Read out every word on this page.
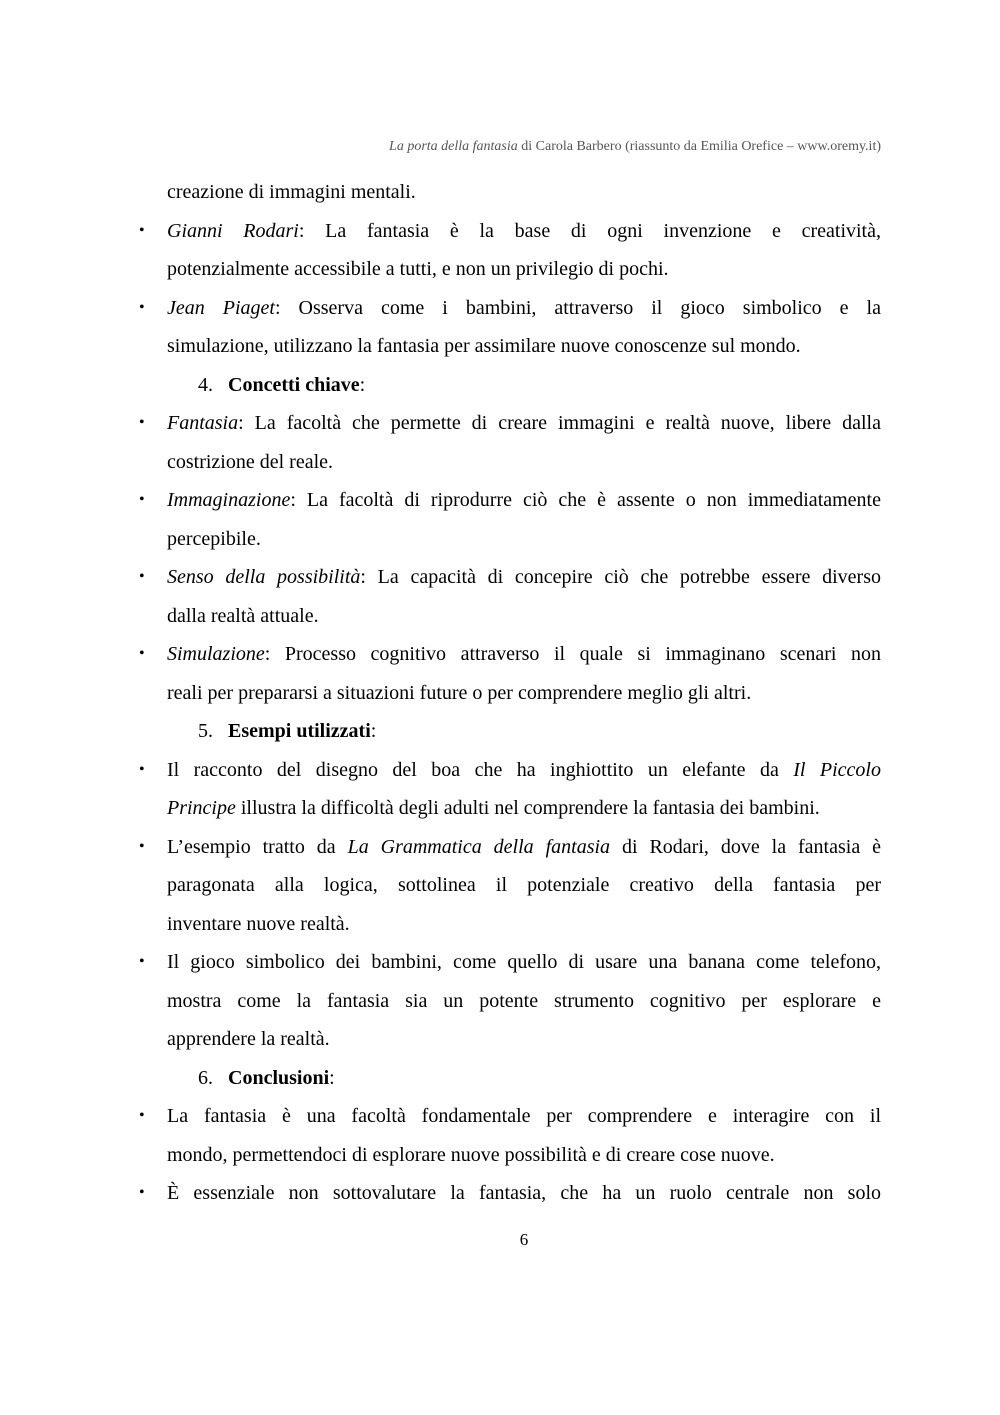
La porta della fantasia di Carola Barbero (riassunto da Emilia Orefice – www.oremy.it)
creazione di immagini mentali.
• Gianni Rodari: La fantasia è la base di ogni invenzione e creatività,
potenzialmente accessibile a tutti, e non un privilegio di pochi.
• Jean Piaget: Osserva come i bambini, attraverso il gioco simbolico e la
simulazione, utilizzano la fantasia per assimilare nuove conoscenze sul mondo.
4. Concetti chiave:
• Fantasia: La facoltà che permette di creare immagini e realtà nuove, libere dalla
costrizione del reale.
• Immaginazione: La facoltà di riprodurre ciò che è assente o non immediatamente
percepibile.
• Senso della possibilità: La capacità di concepire ciò che potrebbe essere diverso
dalla realtà attuale.
• Simulazione: Processo cognitivo attraverso il quale si immaginano scenari non
reali per prepararsi a situazioni future o per comprendere meglio gli altri.
5. Esempi utilizzati:
• Il racconto del disegno del boa che ha inghiottito un elefante da Il Piccolo
Principe illustra la difficoltà degli adulti nel comprendere la fantasia dei bambini.
• L’esempio tratto da La Grammatica della fantasia di Rodari, dove la fantasia è
paragonata alla logica, sottolinea il potenziale creativo della fantasia per
inventare nuove realtà.
• Il gioco simbolico dei bambini, come quello di usare una banana come telefono,
mostra come la fantasia sia un potente strumento cognitivo per esplorare e
apprendere la realtà.
6. Conclusioni:
• La fantasia è una facoltà fondamentale per comprendere e interagire con il
mondo, permettendoci di esplorare nuove possibilità e di creare cose nuove.
• È essenziale non sottovalutare la fantasia, che ha un ruolo centrale non solo
6
